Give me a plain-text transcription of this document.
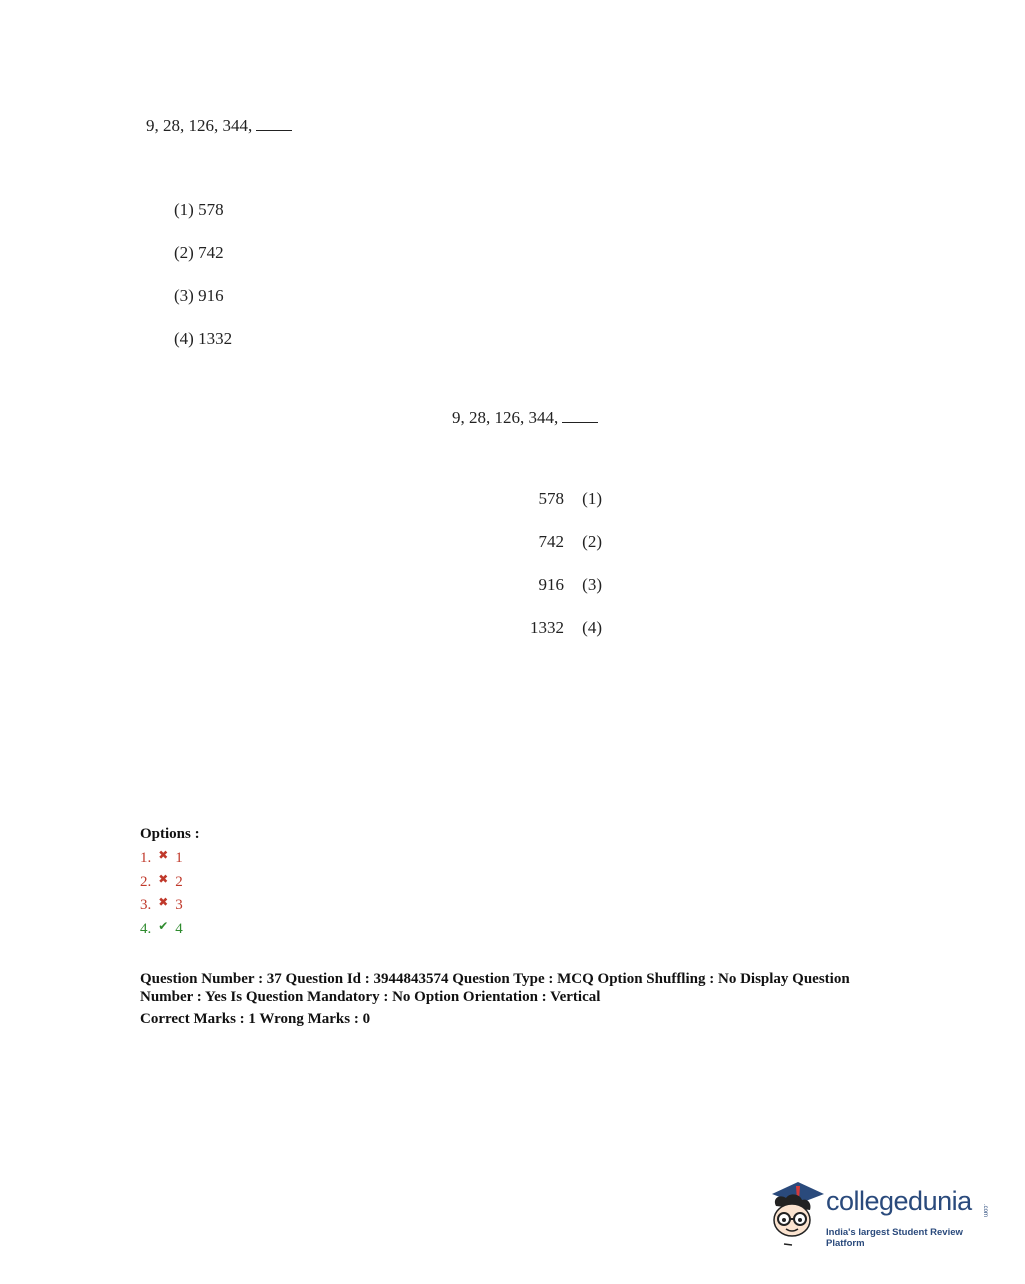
9, 28, 126, 344,
(1) 578
(2) 742
(3) 916
(4) 1332
9, 28, 126, 344,
578 (1)
742 (2)
916 (3)
1332 (4)
Options :
1. ✖ 1
2. ✖ 2
3. ✖ 3
4. ✔ 4
Question Number : 37 Question Id : 3944843574 Question Type : MCQ Option Shuffling : No Display Question
Number : Yes Is Question Mandatory : No Option Orientation : Vertical
Correct Marks : 1 Wrong Marks : 0
collegedunia .com
India's largest Student Review Platform
